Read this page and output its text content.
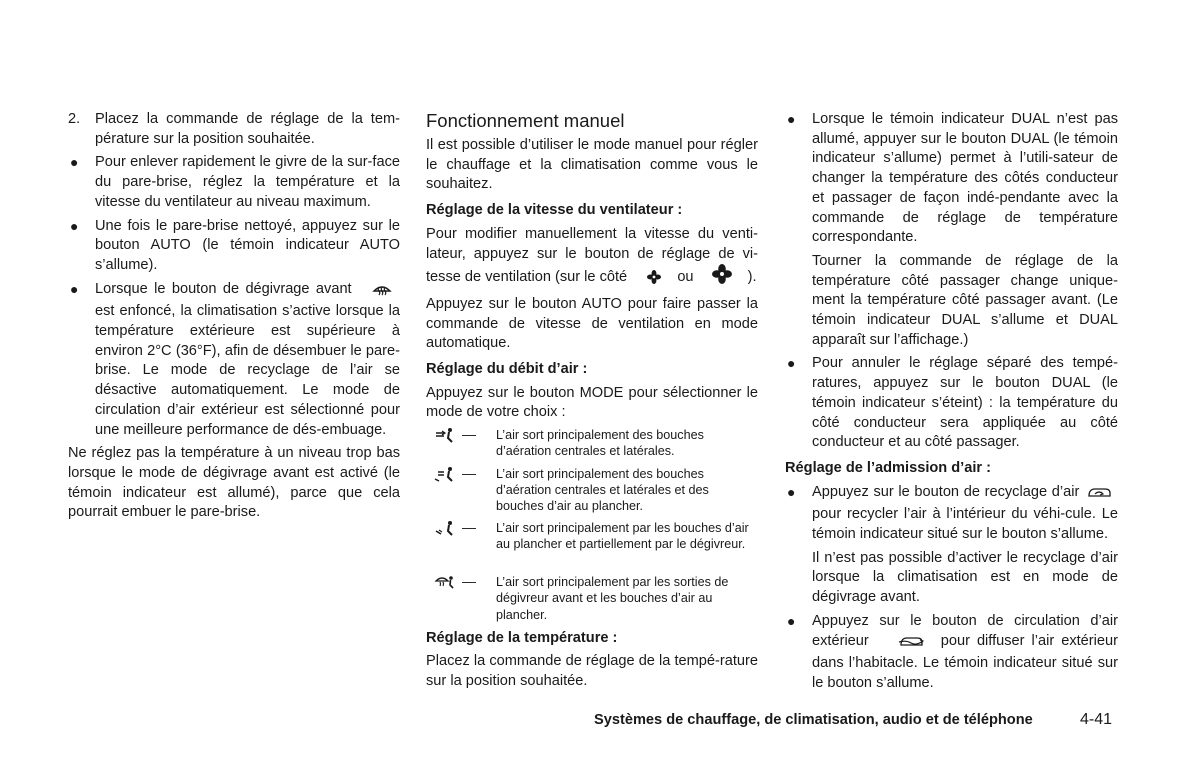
2. Placez la commande de réglage de la tem-pérature sur la position souhaitée.
● Pour enlever rapidement le givre de la sur-face du pare-brise, réglez la température et la vitesse du ventilateur au niveau maximum.
● Une fois le pare-brise nettoyé, appuyez sur le bouton AUTO (le témoin indicateur AUTO s’allume).
● Lorsque le bouton de dégivrage avant  est enfoncé, la climatisation s’active lorsque la température extérieure est supérieure à environ 2°C (36°F), afin de désembuer le pare-brise. Le mode de recyclage de l’air se désactive automatiquement. Le mode de circulation d’air extérieur est sélectionné pour une meilleure performance de dés-embuage.

Ne réglez pas la température à un niveau trop bas lorsque le mode de dégivrage avant est activé (le témoin indicateur est allumé), parce que cela pourrait embuer le pare-brise.

Fonctionnement manuel

Il est possible d’utiliser le mode manuel pour régler le chauffage et la climatisation comme vous le souhaitez.

Réglage de la vitesse du ventilateur :

Pour modifier manuellement la vitesse du venti-lateur, appuyez sur le bouton de réglage de vi-tesse de ventilation (sur le côté	ou	).

Appuyez sur le bouton AUTO pour faire passer la commande de vitesse de ventilation en mode automatique.

Réglage du débit d’air :

Appuyez sur le bouton MODE pour sélectionner le mode de votre choix :

— L’air sort principalement des bouches d’aération centrales et latérales.
— L’air sort principalement des bouches d’aération centrales et latérales et des bouches d’air au plancher.
— L’air sort principalement par les bouches d’air au plancher et partiellement par le dégivreur.
— L’air sort principalement par les sorties de dégivreur avant et les bouches d’air au plancher.
Réglage de la température :

Placez la commande de réglage de la tempé-rature sur la position souhaitée.

● Lorsque le témoin indicateur DUAL n’est pas allumé, appuyer sur le bouton DUAL (le témoin indicateur s’allume) permet à l’utili-sateur de changer la température des côtés conducteur et passager de façon indé-pendante avec la commande de réglage de température correspondante.
Tourner la commande de réglage de la température côté passager change unique-ment la température côté passager avant. (Le témoin indicateur DUAL s’allume et DUAL apparaît sur l’affichage.)
● Pour annuler le réglage séparé des tempé-ratures, appuyez sur le bouton DUAL (le témoin indicateur s’éteint) : la température du côté conducteur sera appliquée au côté conducteur et au côté passager.
Réglage de l’admission d’air :
● Appuyez sur le bouton de recyclage d’air  pour recycler l’air à l’intérieur du véhi-cule. Le témoin indicateur situé sur le bouton s’allume.
Il n’est pas possible d’activer le recyclage d’air lorsque la climatisation est en mode de dégivrage avant.
● Appuyez sur le bouton de circulation d’air extérieur	pour diffuser l’air extérieur dans l’habitacle. Le témoin indicateur situé sur le bouton s’allume.
Systèmes de chauffage, de climatisation, audio et de téléphone	4-41
